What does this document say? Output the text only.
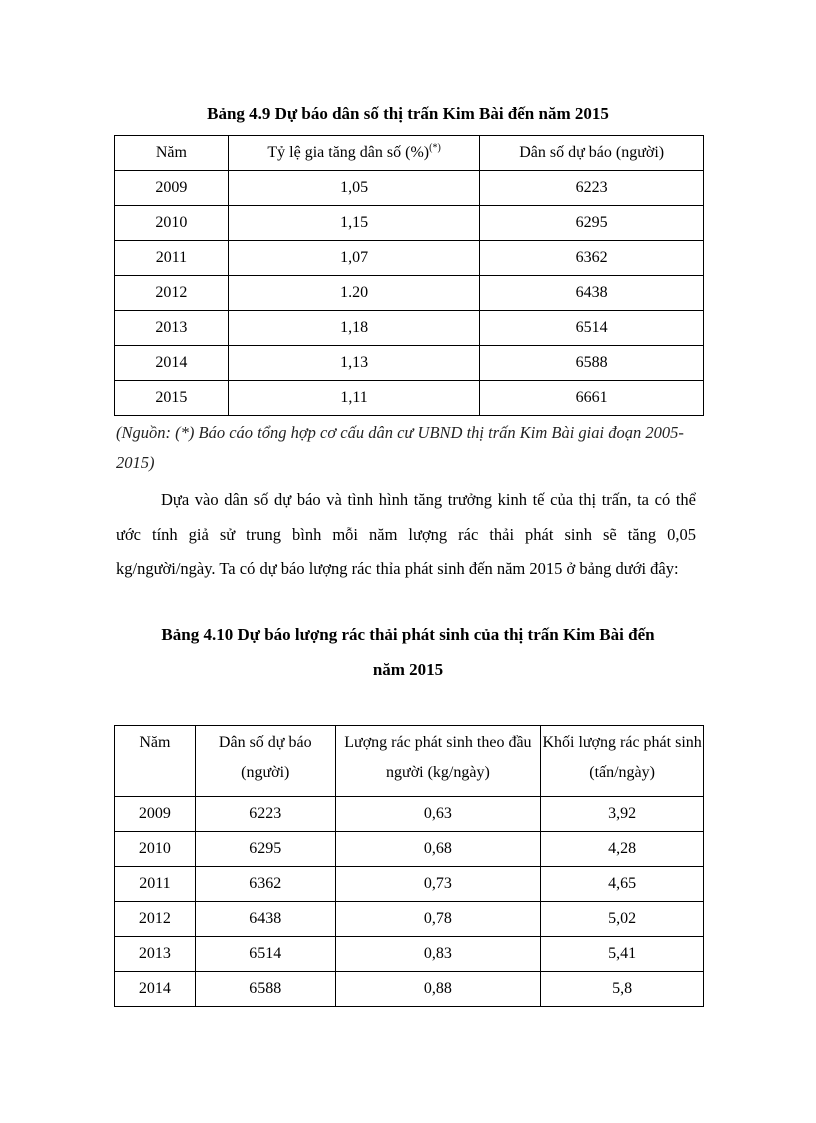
Bảng 4.9 Dự báo dân số thị trấn Kim Bài đến năm 2015
Năm	Tỷ lệ gia tăng dân số (%)(*)	Dân số dự báo (người)
2009	1,05	6223
2010	1,15	6295
2011	1,07	6362
2012	1.20	6438
2013	1,18	6514
2014	1,13	6588
2015	1,11	6661
(Nguồn: (*) Báo cáo tổng hợp cơ cấu dân cư UBND thị trấn Kim Bài giai đoạn 2005-2015)

Dựa vào dân số dự báo và tình hình tăng trưởng kinh tế của thị trấn, ta có thể ước tính giả sử trung bình mỗi năm lượng rác thải phát sinh sẽ tăng 0,05 kg/người/ngày. Ta có dự báo lượng rác thỉa phát sinh đến năm 2015 ở bảng dưới đây:

Bảng 4.10 Dự báo lượng rác thải phát sinh của thị trấn Kim Bài đến
năm 2015
Năm	Dân số dự báo (người)	Lượng rác phát sinh theo đầu người (kg/ngày)	Khối lượng rác phát sinh (tấn/ngày)
2009	6223	0,63	3,92
2010	6295	0,68	4,28
2011	6362	0,73	4,65
2012	6438	0,78	5,02
2013	6514	0,83	5,41
2014	6588	0,88	5,8
